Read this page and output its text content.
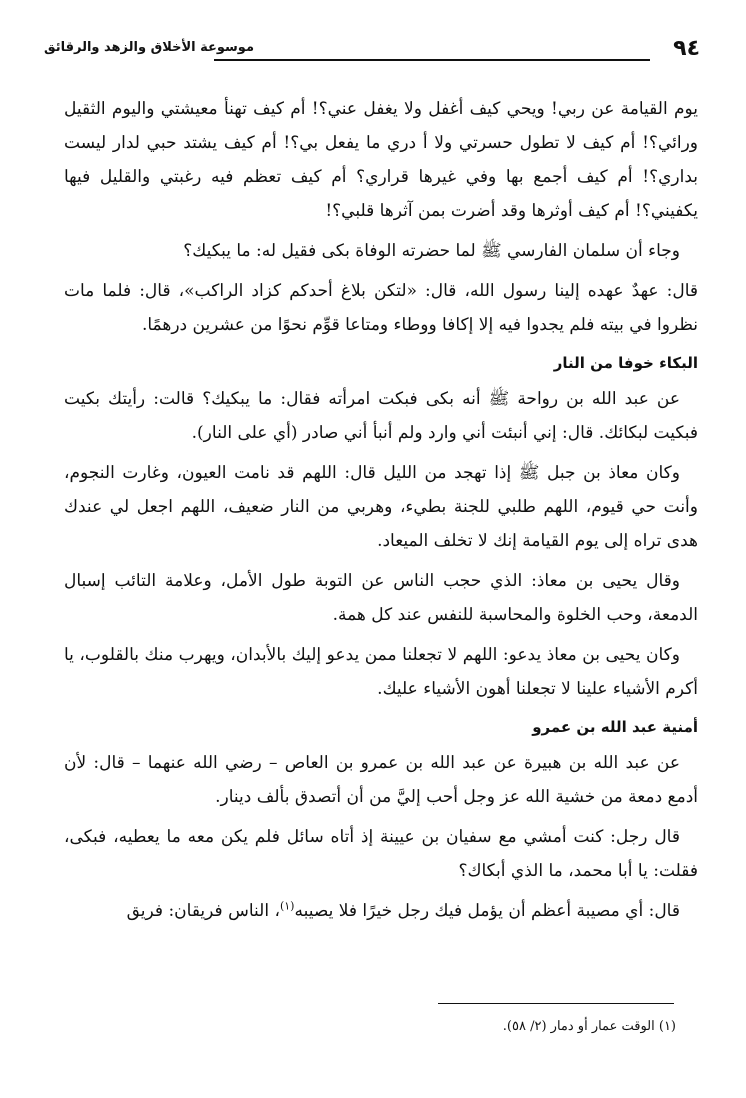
٩٤
موسوعة الأخلاق والزهد والرقائق

يوم القيامة عن ربي! ويحي كيف أغفل ولا يغفل عني؟! أم كيف تهنأ معيشتي واليوم الثقيل ورائي؟! أم كيف لا تطول حسرتي ولا أ دري ما يفعل بي؟! أم كيف يشتد حبي لدار ليست بداري؟! أم كيف أجمع بها وفي غيرها قراري؟ أم كيف تعظم فيه رغبتي والقليل فيها يكفيني؟! أم كيف أوثرها وقد أضرت بمن آثرها قلبي؟!

وجاء أن سلمان الفارسي ﷺ لما حضرته الوفاة بكى فقيل له: ما يبكيك؟

قال: عهدٌ عهده إلينا رسول الله، قال: «لتكن بلاغ أحدكم كزاد الراكب»، قال: فلما مات نظروا في بيته فلم يجدوا فيه إلا إكافا ووطاء ومتاعا قوِّم نحوًا من عشرين درهمًا.

البكاء خوفا من النار

عن عبد الله بن رواحة ﷺ أنه بكى فبكت امرأته فقال: ما يبكيك؟ قالت: رأيتك بكيت فبكيت لبكائك. قال: إني أنبئت أني وارد ولم أنبأ أني صادر (أي على النار).

وكان معاذ بن جبل ﷺ إذا تهجد من الليل قال: اللهم قد نامت العيون، وغارت النجوم، وأنت حي قيوم، اللهم طلبي للجنة بطيء، وهربي من النار ضعيف، اللهم اجعل لي عندك هدى تراه إلى يوم القيامة إنك لا تخلف الميعاد.

وقال يحيى بن معاذ: الذي حجب الناس عن التوبة طول الأمل، وعلامة التائب إسبال الدمعة، وحب الخلوة والمحاسبة للنفس عند كل همة.

وكان يحيى بن معاذ يدعو: اللهم لا تجعلنا ممن يدعو إليك بالأبدان، ويهرب منك بالقلوب، يا أكرم الأشياء علينا لا تجعلنا أهون الأشياء عليك.

أمنية عبد الله بن عمرو

عن عبد الله بن هبيرة عن عبد الله بن عمرو بن العاص – رضي الله عنهما – قال: لأن أدمع دمعة من خشية الله عز وجل أحب إليَّ من أن أتصدق بألف دينار.

قال رجل: كنت أمشي مع سفيان بن عيينة إذ أتاه سائل فلم يكن معه ما يعطيه، فبكى، فقلت: يا أبا محمد، ما الذي أبكاك؟

قال: أي مصيبة أعظم أن يؤمل فيك رجل خيرًا فلا يصيبه$^{(١)}$، الناس فريقان: فريق

(١) الوقت عمار أو دمار (٢/ ٥٨).
